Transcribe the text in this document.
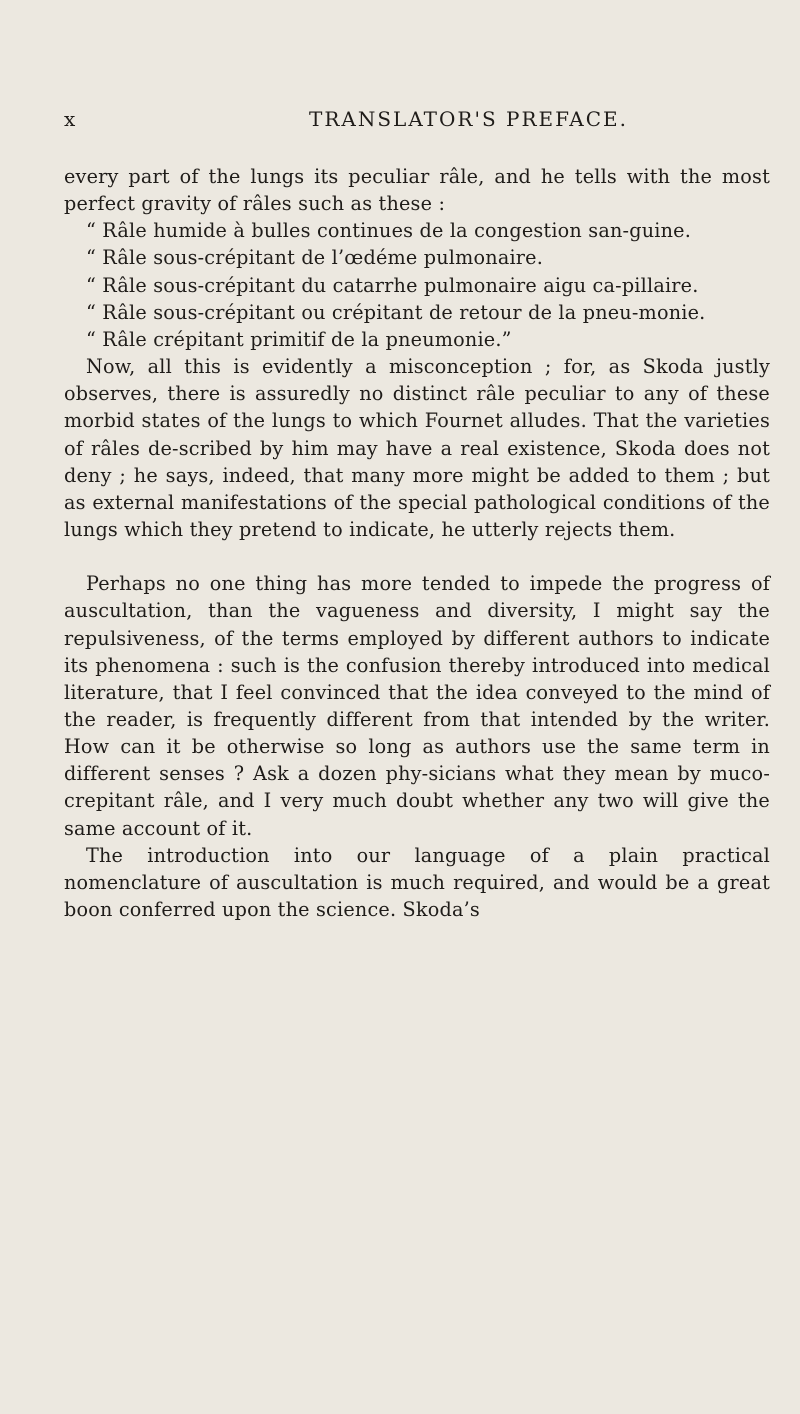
x	TRANSLATOR'S PREFACE.

every part of the lungs its peculiar râle, and he tells with the most perfect gravity of râles such as these :

“ Râle humide à bulles continues de la congestion san-guine.

“ Râle sous-crépitant de l’œdéme pulmonaire.

“ Râle sous-crépitant du catarrhe pulmonaire aigu ca-pillaire.

“ Râle sous-crépitant ou crépitant de retour de la pneu-monie.

“ Râle crépitant primitif de la pneumonie.”

Now, all this is evidently a misconception ; for, as Skoda justly observes, there is assuredly no distinct râle peculiar to any of these morbid states of the lungs to which Fournet alludes. That the varieties of râles de-scribed by him may have a real existence, Skoda does not deny ; he says, indeed, that many more might be added to them ; but as external manifestations of the special pathological conditions of the lungs which they pretend to indicate, he utterly rejects them.

Perhaps no one thing has more tended to impede the progress of auscultation, than the vagueness and diversity, I might say the repulsiveness, of the terms employed by different authors to indicate its phenomena : such is the confusion thereby introduced into medical literature, that I feel convinced that the idea conveyed to the mind of the reader, is frequently different from that intended by the writer. How can it be otherwise so long as authors use the same term in different senses ? Ask a dozen phy-sicians what they mean by muco-crepitant râle, and I very much doubt whether any two will give the same account of it.

The introduction into our language of a plain practical nomenclature of auscultation is much required, and would be a great boon conferred upon the science. Skoda’s
